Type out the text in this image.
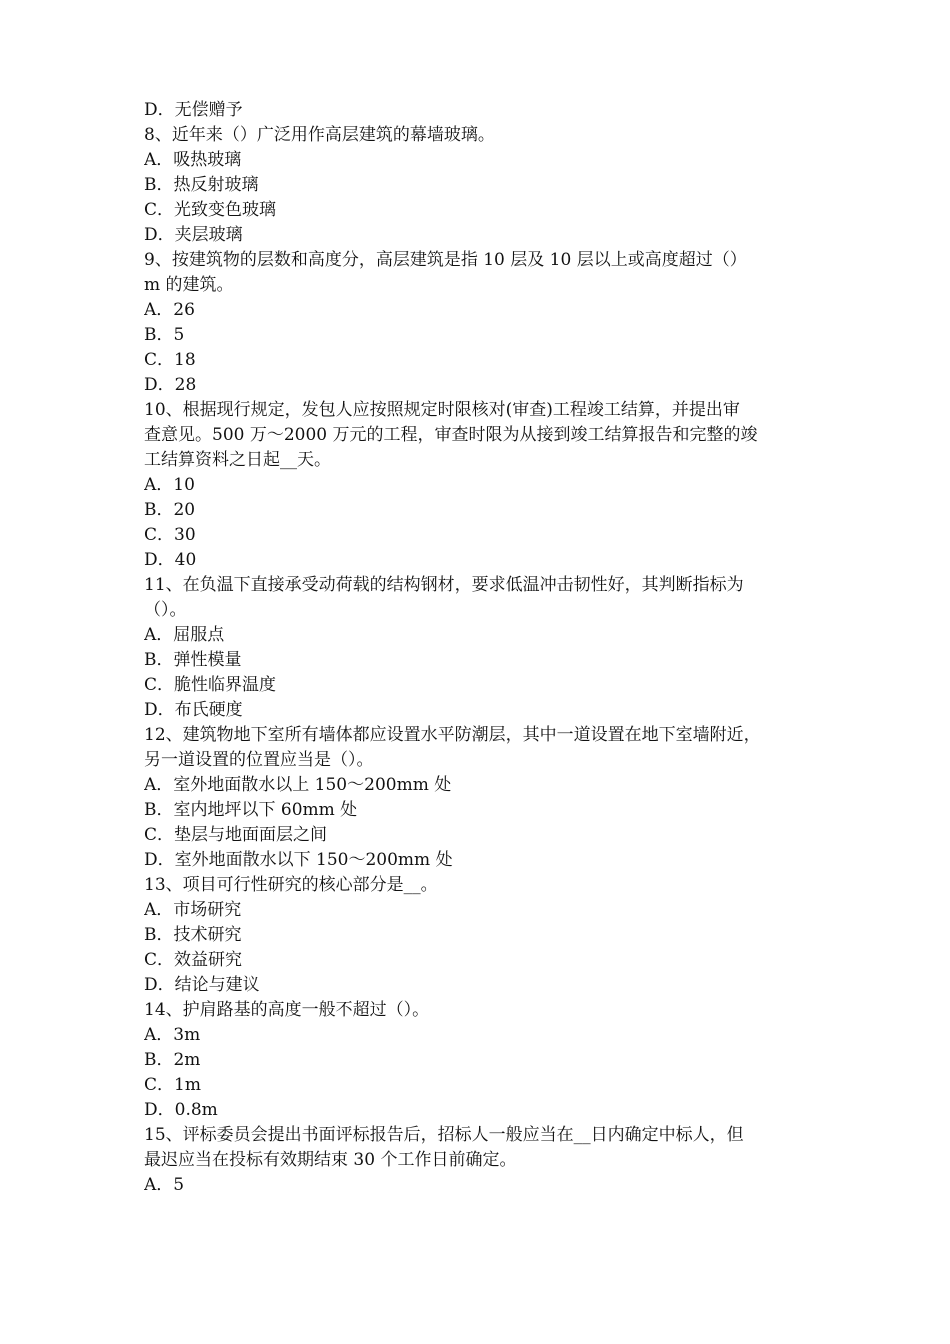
D．无偿赠予
8、近年来（）广泛用作高层建筑的幕墙玻璃。
A．吸热玻璃
B．热反射玻璃
C．光致变色玻璃
D．夹层玻璃
9、按建筑物的层数和高度分，高层建筑是指 10 层及 10 层以上或高度超过（）
m 的建筑。
A．26
B．5
C．18
D．28
10、根据现行规定，发包人应按照规定时限核对(审查)工程竣工结算，并提出审
查意见。500 万～2000 万元的工程，审查时限为从接到竣工结算报告和完整的竣
工结算资料之日起__天。
A．10
B．20
C．30
D．40
11、在负温下直接承受动荷载的结构钢材，要求低温冲击韧性好，其判断指标为
（）。
A．屈服点
B．弹性模量
C．脆性临界温度
D．布氏硬度
12、建筑物地下室所有墙体都应设置水平防潮层，其中一道设置在地下室墙附近，
另一道设置的位置应当是（）。
A．室外地面散水以上 150～200mm 处
B．室内地坪以下 60mm 处
C．垫层与地面面层之间
D．室外地面散水以下 150～200mm 处
13、项目可行性研究的核心部分是__。
A．市场研究
B．技术研究
C．效益研究
D．结论与建议
14、护肩路基的高度一般不超过（）。
A．3m
B．2m
C．1m
D．0.8m
15、评标委员会提出书面评标报告后，招标人一般应当在__日内确定中标人，但
最迟应当在投标有效期结束 30 个工作日前确定。
A．5
